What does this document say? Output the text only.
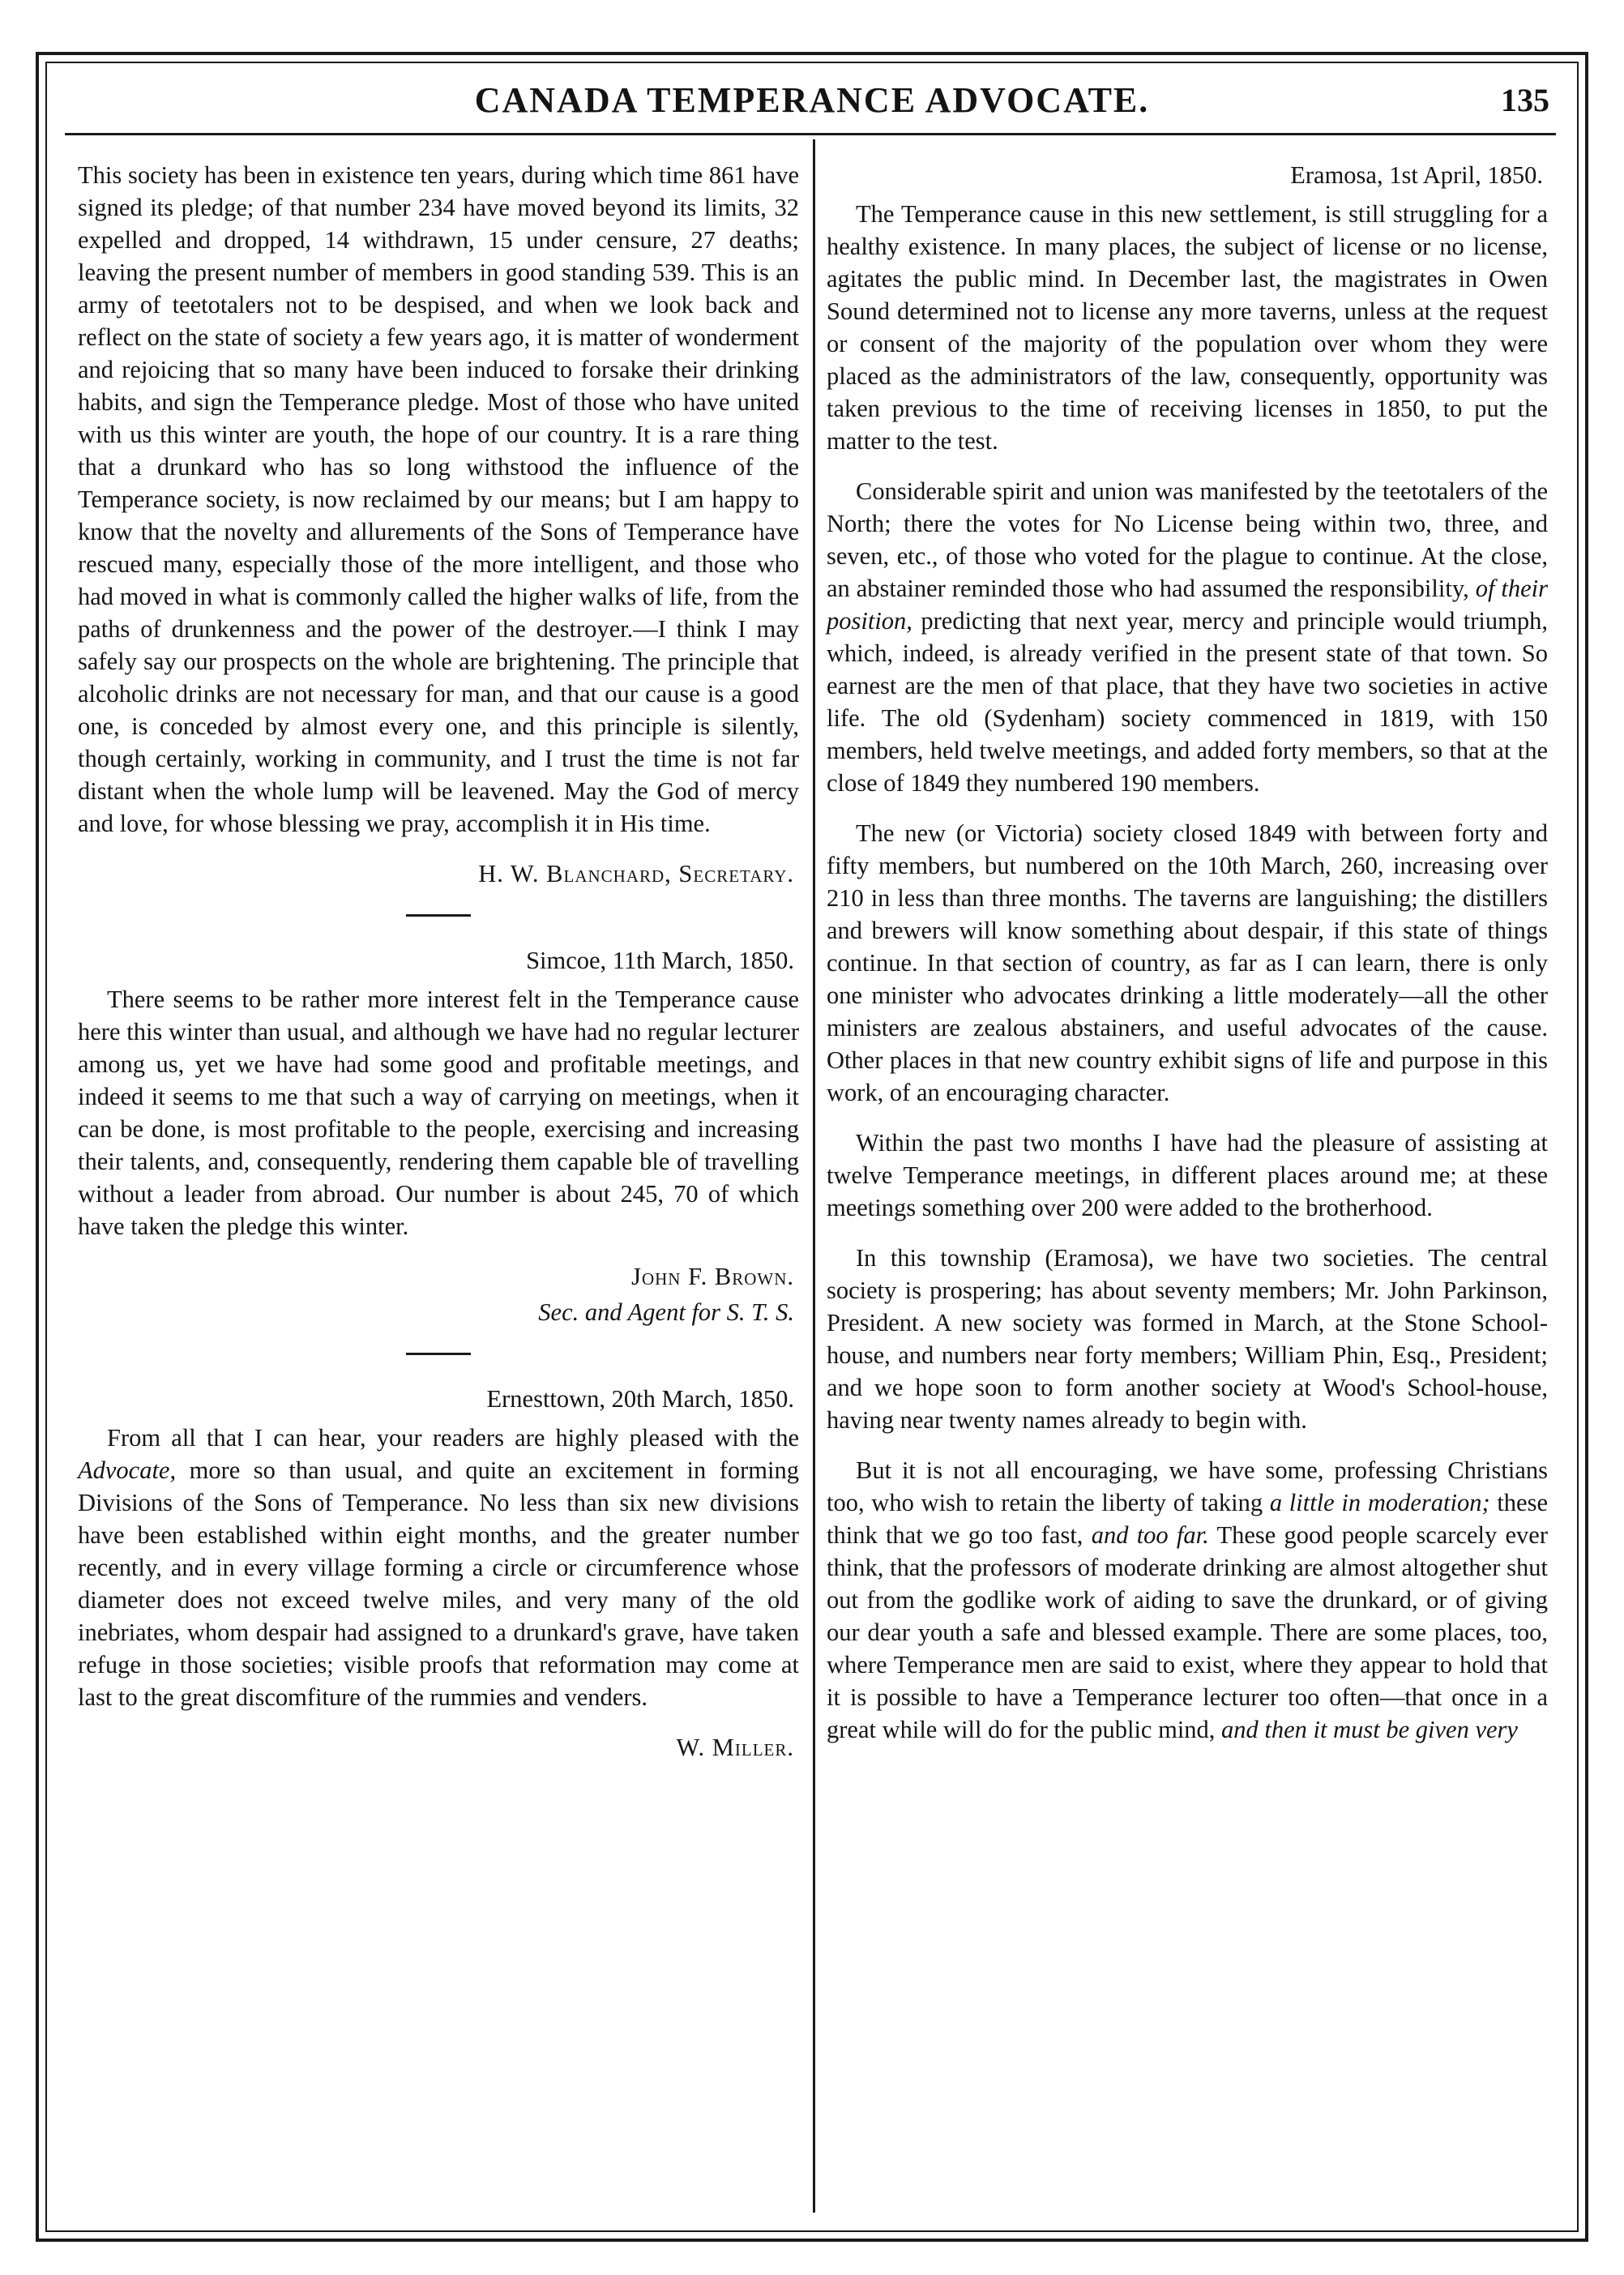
CANADA TEMPERANCE ADVOCATE.	135

This society has been in existence ten years, during which time 861 have signed its pledge; of that number 234 have moved beyond its limits, 32 expelled and dropped, 14 withdrawn, 15 under censure, 27 deaths; leaving the present number of members in good standing 539. This is an army of teetotalers not to be despised, and when we look back and reflect on the state of society a few years ago, it is matter of wonderment and rejoicing that so many have been induced to forsake their drinking habits, and sign the Temperance pledge. Most of those who have united with us this winter are youth, the hope of our country. It is a rare thing that a drunkard who has so long withstood the influence of the Temperance society, is now reclaimed by our means; but I am happy to know that the novelty and allurements of the Sons of Temperance have rescued many, especially those of the more intelligent, and those who had moved in what is commonly called the higher walks of life, from the paths of drunkenness and the power of the destroyer.—I think I may safely say our prospects on the whole are brightening. The principle that alcoholic drinks are not necessary for man, and that our cause is a good one, is conceded by almost every one, and this principle is silently, though certainly, working in community, and I trust the time is not far distant when the whole lump will be leavened. May the God of mercy and love, for whose blessing we pray, accomplish it in His time.

H. W. Blanchard, Secretary.
Simcoe, 11th March, 1850.

There seems to be rather more interest felt in the Temperance cause here this winter than usual, and although we have had no regular lecturer among us, yet we have had some good and profitable meetings, and indeed it seems to me that such a way of carrying on meetings, when it can be done, is most profitable to the people, exercising and increasing their talents, and, consequently, rendering them capable ble of travelling without a leader from abroad. Our number is about 245, 70 of which have taken the pledge this winter.

John F. Brown.
Sec. and Agent for S. T. S.
Ernesttown, 20th March, 1850.

From all that I can hear, your readers are highly pleased with the Advocate, more so than usual, and quite an excitement in forming Divisions of the Sons of Temperance. No less than six new divisions have been established within eight months, and the greater number recently, and in every village forming a circle or circumference whose diameter does not exceed twelve miles, and very many of the old inebriates, whom despair had assigned to a drunkard's grave, have taken refuge in those societies; visible proofs that reformation may come at last to the great discomfiture of the rummies and venders.

W. Miller.
Eramosa, 1st April, 1850.

The Temperance cause in this new settlement, is still struggling for a healthy existence. In many places, the subject of license or no license, agitates the public mind. In December last, the magistrates in Owen Sound determined not to license any more taverns, unless at the request or consent of the majority of the population over whom they were placed as the administrators of the law, consequently, opportunity was taken previous to the time of receiving licenses in 1850, to put the matter to the test.

Considerable spirit and union was manifested by the teetotalers of the North; there the votes for No License being within two, three, and seven, etc., of those who voted for the plague to continue. At the close, an abstainer reminded those who had assumed the responsibility, of their position, predicting that next year, mercy and principle would triumph, which, indeed, is already verified in the present state of that town. So earnest are the men of that place, that they have two societies in active life. The old (Sydenham) society commenced in 1819, with 150 members, held twelve meetings, and added forty members, so that at the close of 1849 they numbered 190 members.

The new (or Victoria) society closed 1849 with between forty and fifty members, but numbered on the 10th March, 260, increasing over 210 in less than three months. The taverns are languishing; the distillers and brewers will know something about despair, if this state of things continue. In that section of country, as far as I can learn, there is only one minister who advocates drinking a little moderately—all the other ministers are zealous abstainers, and useful advocates of the cause. Other places in that new country exhibit signs of life and purpose in this work, of an encouraging character.

Within the past two months I have had the pleasure of assisting at twelve Temperance meetings, in different places around me; at these meetings something over 200 were added to the brotherhood.

In this township (Eramosa), we have two societies. The central society is prospering; has about seventy members; Mr. John Parkinson, President. A new society was formed in March, at the Stone School-house, and numbers near forty members; William Phin, Esq., President; and we hope soon to form another society at Wood's School-house, having near twenty names already to begin with.

But it is not all encouraging, we have some, professing Christians too, who wish to retain the liberty of taking a little in moderation; these think that we go too fast, and too far. These good people scarcely ever think, that the professors of moderate drinking are almost altogether shut out from the godlike work of aiding to save the drunkard, or of giving our dear youth a safe and blessed example. There are some places, too, where Temperance men are said to exist, where they appear to hold that it is possible to have a Temperance lecturer too often—that once in a great while will do for the public mind, and then it must be given very
